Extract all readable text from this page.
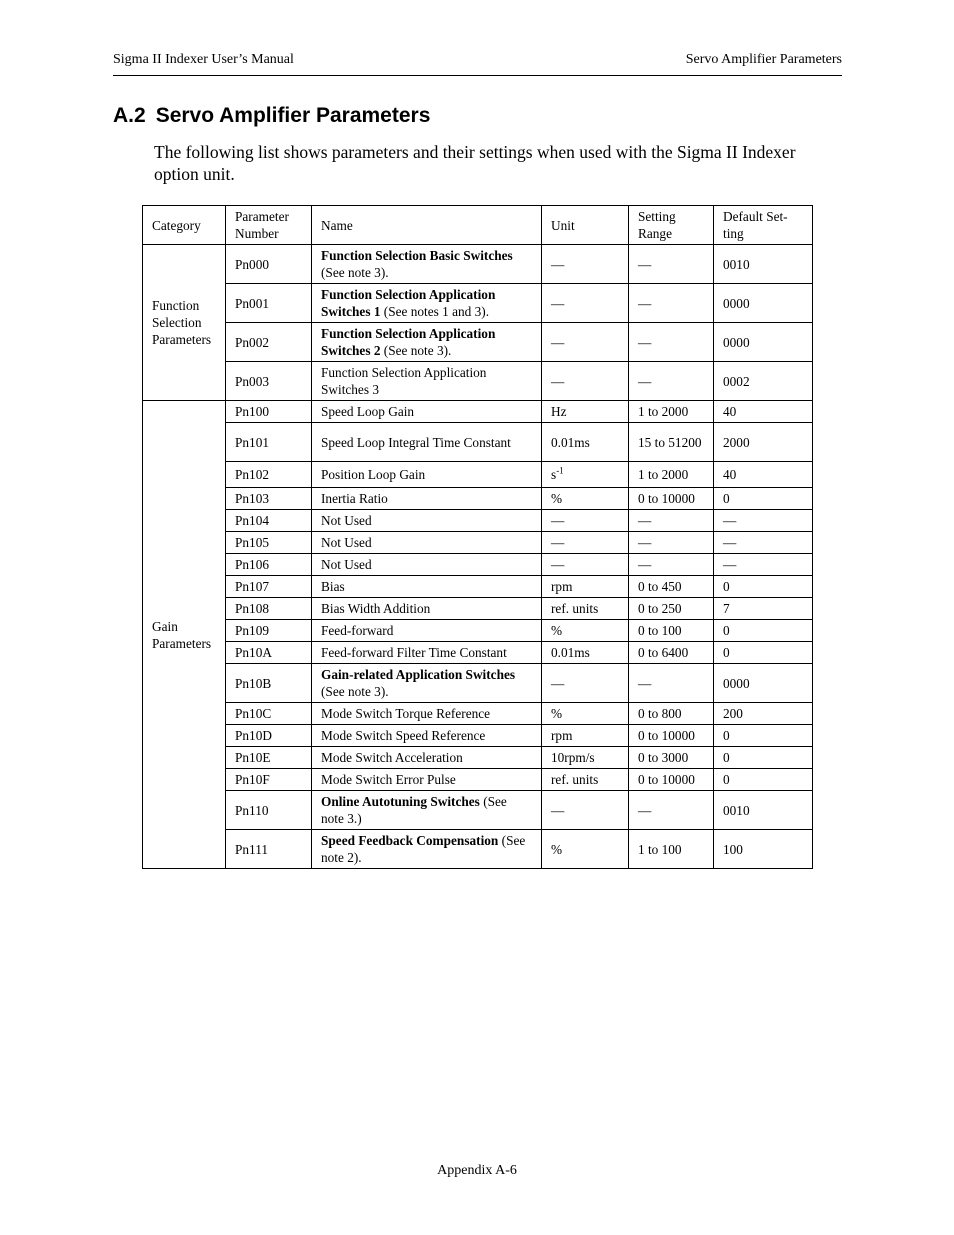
Sigma II Indexer User’s Manual	Servo Amplifier Parameters
A.2 Servo Amplifier Parameters

The following list shows parameters and their settings when used with the Sigma II Indexer option unit.

Category	Parameter Number	Name	Unit	Setting Range	Default Set-ting
Function Selection Parameters	Pn000	Function Selection Basic Switches (See note 3).	—	—	0010
	Pn001	Function Selection Application Switches 1 (See notes 1 and 3).	—	—	0000
	Pn002	Function Selection Application Switches 2 (See note 3).	—	—	0000
	Pn003	Function Selection Application Switches 3	—	—	0002
Gain Parameters	Pn100	Speed Loop Gain	Hz	1 to 2000	40
	Pn101	Speed Loop Integral Time Constant	0.01ms	15 to 51200	2000
	Pn102	Position Loop Gain	$s^{-1}$	1 to 2000	40
	Pn103	Inertia Ratio	%	0 to 10000	0
	Pn104	Not Used	—	—	—
	Pn105	Not Used	—	—	—
	Pn106	Not Used	—	—	—
	Pn107	Bias	rpm	0 to 450	0
	Pn108	Bias Width Addition	ref. units	0 to 250	7
	Pn109	Feed-forward	%	0 to 100	0
	Pn10A	Feed-forward Filter Time Constant	0.01ms	0 to 6400	0
	Pn10B	Gain-related Application Switches (See note 3).	—	—	0000
	Pn10C	Mode Switch Torque Reference	%	0 to 800	200
	Pn10D	Mode Switch Speed Reference	rpm	0 to 10000	0
	Pn10E	Mode Switch Acceleration	10rpm/s	0 to 3000	0
	Pn10F	Mode Switch Error Pulse	ref. units	0 to 10000	0
	Pn110	Online Autotuning Switches (See note 3.)	—	—	0010
	Pn111	Speed Feedback Compensation (See note 2).	%	1 to 100	100
Appendix A-6
